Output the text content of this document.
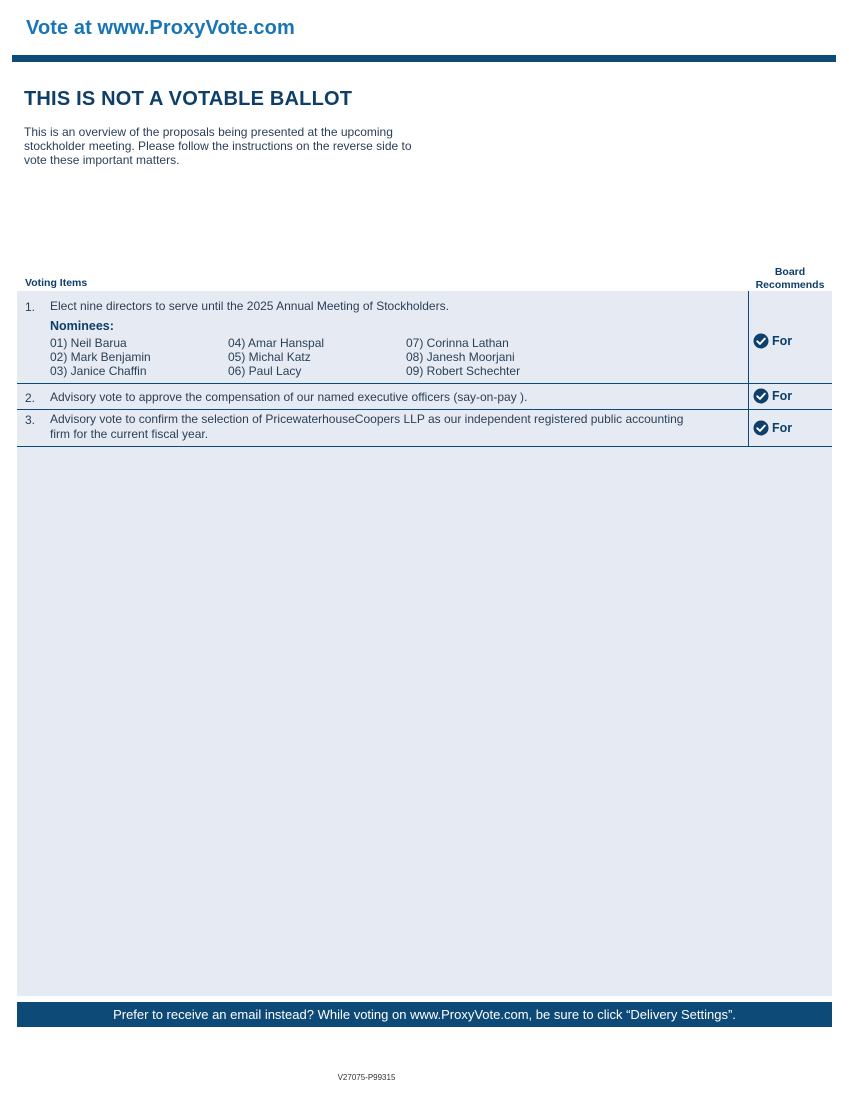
Vote at www.ProxyVote.com
THIS IS NOT A VOTABLE BALLOT
This is an overview of the proposals being presented at the upcoming stockholder meeting. Please follow the instructions on the reverse side to vote these important matters.
Voting Items
Board
Recommends
1. Elect nine directors to serve until the 2025 Annual Meeting of Stockholders.
Nominees:
01) Neil Barua
02) Mark Benjamin
03) Janice Chaffin
04) Amar Hanspal
05) Michal Katz
06) Paul Lacy
07) Corinna Lathan
08) Janesh Moorjani
09) Robert Schechter
For
2. Advisory vote to approve the compensation of our named executive officers (say-on-pay ).	For
3. Advisory vote to confirm the selection of PricewaterhouseCoopers LLP as our independent registered public accounting
firm for the current fiscal year.	For
Prefer to receive an email instead? While voting on www.ProxyVote.com, be sure to click “Delivery Settings”.
V27075-P99315
